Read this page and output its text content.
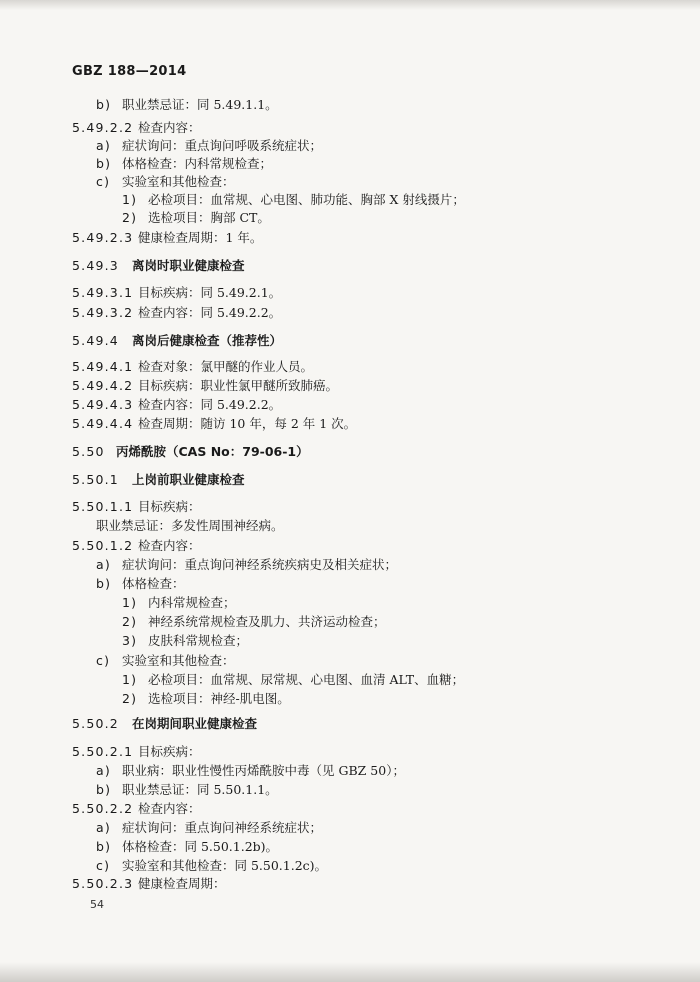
GBZ 188—2014
b) 职业禁忌证：同 5.49.1.1。
5.49.2.2 检查内容：
a) 症状询问：重点询问呼吸系统症状；
b) 体格检查：内科常规检查；
c) 实验室和其他检查：
1) 必检项目：血常规、心电图、肺功能、胸部 X 射线摄片；
2) 选检项目：胸部 CT。
5.49.2.3 健康检查周期：1 年。
5.49.3 离岗时职业健康检查
5.49.3.1 目标疾病：同 5.49.2.1。
5.49.3.2 检查内容：同 5.49.2.2。
5.49.4 离岗后健康检查（推荐性）
5.49.4.1 检查对象：氯甲醚的作业人员。
5.49.4.2 目标疾病：职业性氯甲醚所致肺癌。
5.49.4.3 检查内容：同 5.49.2.2。
5.49.4.4 检查周期：随访 10 年，每 2 年 1 次。
5.50 丙烯酰胺（CAS No：79-06-1）
5.50.1 上岗前职业健康检查
5.50.1.1 目标疾病：
职业禁忌证：多发性周围神经病。
5.50.1.2 检查内容：
a) 症状询问：重点询问神经系统疾病史及相关症状；
b) 体格检查：
1) 内科常规检查；
2) 神经系统常规检查及肌力、共济运动检查；
3) 皮肤科常规检查；
c) 实验室和其他检查：
1) 必检项目：血常规、尿常规、心电图、血清 ALT、血糖；
2) 选检项目：神经-肌电图。
5.50.2 在岗期间职业健康检查
5.50.2.1 目标疾病：
a) 职业病：职业性慢性丙烯酰胺中毒（见 GBZ 50）；
b) 职业禁忌证：同 5.50.1.1。
5.50.2.2 检查内容：
a) 症状询问：重点询问神经系统症状；
b) 体格检查：同 5.50.1.2b)。
c) 实验室和其他检查：同 5.50.1.2c)。
5.50.2.3 健康检查周期：
54
